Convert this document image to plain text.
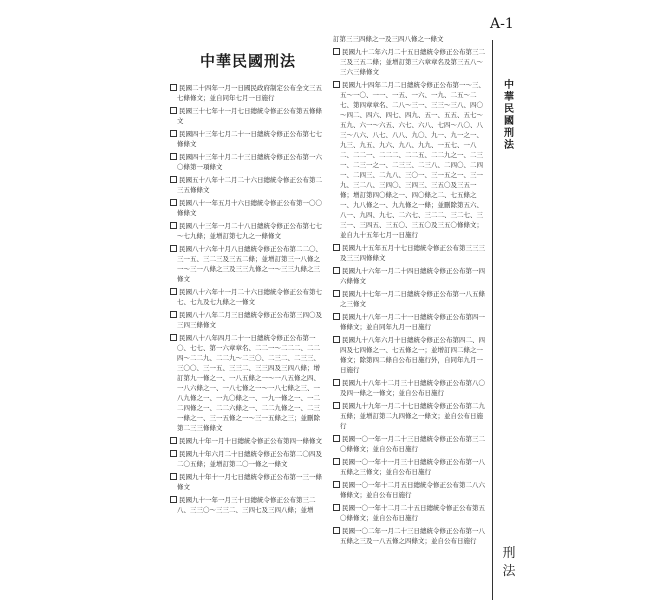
A-1
中華民國刑法
刑法
中華民國刑法
民國二十四年一月一日國民政府制定公布全文三五七條條文；並自同年七月一日施行
民國三十七年十一月七日總統令修正公布第五條條文
民國四十三年七月二十一日總統令修正公布第七七條條文
民國四十三年十月二十三日總統令修正公布第一六〇條第一項條文
民國五十八年十二月二十六日總統令修正公布第二三五條條文
民國八十一年五月十六日總統令修正公布第一〇〇條條文
民國八十三年一月二十八日總統令修正公布第七七～七九條；並增訂第七九之一條條文
民國八十六年十月八日總統令修正公布第二二〇、三一五、三二三及三五二條；並增訂第三一八條之一～三一八條之三及三三九條之一～三三九條之三條文
民國八十六年十一月二十六日總統令修正公布第七七、七九及七九條之一條文
民國八十八年二月三日總統令修正公布第三四〇及三四三條條文
民國八十八年四月二十一日總統令修正公布第一〇、七七、第一六章章名、二二一～二二二、二二四～二二九、二二九～二三〇、二三二、二三三、三〇〇、三一五、三三二、三三四及三四八條；增訂第九一條之一、一八五條之一～一八五條之四、一八六條之一、一八七條之一～一八七條之三、一八九條之一、一九〇條之一、一九一條之一、一二二四條之一、二二六條之一、二二九條之一、二三一條之一、三一五條之一～三一五條之三；並刪除第二三三條條文
民國九十年一月十日總統令修正公布第四一條條文
民國九十年六月二十日總統令修正公布第二〇四及二〇五條；並增訂第二〇一條之一條文
民國九十年十一月七日總統令修正公布第一三一條條文
民國九十一年一月三十日總統令修正公布第三二八、三三〇～三三二、三四七及三四八條；並增
訂第三三四條之一及三四八條之一條文
民國九十二年六月二十五日總統令修正公布第三二三及三五二條；並增訂第三六章章名及第三五八～三六三條條文
民國九十四年二月二日總統令修正公布第一～三、五～一〇、一一、一五、一六、一九、二五～二七、第四章章名、二八～三一、三三～三八、四〇～四二、四六、四七、四九、五一、五五、五七～五九、六一～六五、六七、六八、七四～八〇、八三～八六、八七、八八、九〇、九一、九一之一、九三、九五、九六、九八、九九、一五七、一八二、二二一、二二二、二二五、二二九之一、二三一、二三一之一、二三三、二三八、二四〇、二四一、二四三、二九八、三〇一、三一五之一、三一九、三二八、三四〇、三四三、三五〇及三五一條；增訂第四〇條之一、四〇條之二、七五條之一、九八條之一、九九條之一條；並刪除第五六、八一、九四、九七、二六七、三二二、三二七、三三一、三四五、三五〇、三五〇及三五〇條條文；並自九十五年七月一日施行
民國九十五年五月十七日總統令修正公布第三三三及三三四條條文
民國九十六年一月二十四日總統令修正公布第一四六條條文
民國九十七年一月二日總統令修正公布第一八五條之三條文
民國九十八年一月二十一日總統令修正公布第四一條條文；並自同年九月一日施行
民國九十八年六月十日總統令修正公布第四二、四四及七四條之一、七五條之一；並增訂四二條之一條文；除第四二條自公布日施行外，自同年九月一日施行
民國九十八年十二月三十日總統令修正公布第八〇及四一條之一條文；並自公布日施行
民國九十九年一月二十七日總統令修正公布第二九五條；並增訂第二九四條之一條文；並自公布日施行
民國一〇一年一月二十三日總統令修正公布第三二〇條條文；並自公布日施行
民國一〇一年十一月三十日總統令修正公布第一八五條之三條文；並自公布日施行
民國一〇一年十二月五日總統令修正公布第二八六條條文；並自公布日施行
民國一〇一年十二月二十五日總統令修正公布第五〇條條文；並自公布日施行
民國一〇二年一月二十三日總統令修正公布第一八五條之三及一八五條之四條文；並自公布日施行
